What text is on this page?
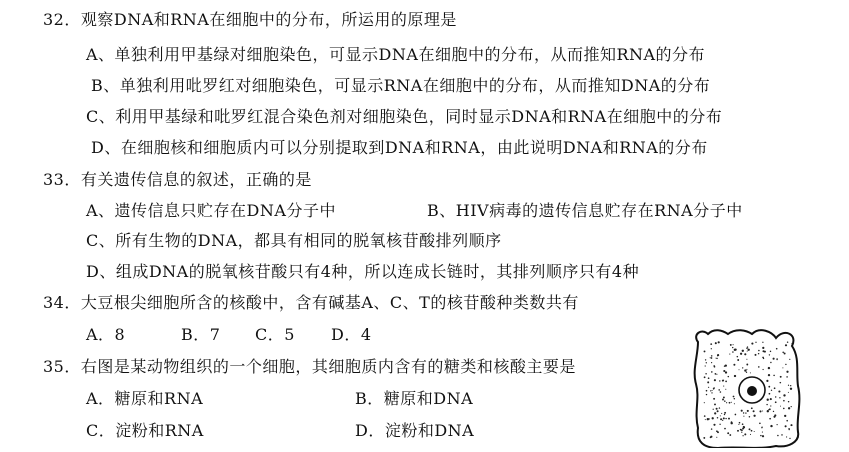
32．观察DNA和RNA在细胞中的分布，所运用的原理是
A、单独利用甲基绿对细胞染色，可显示DNA在细胞中的分布，从而推知RNA的分布
B、单独利用吡罗红对细胞染色，可显示RNA在细胞中的分布，从而推知DNA的分布
C、利用甲基绿和吡罗红混合染色剂对细胞染色，同时显示DNA和RNA在细胞中的分布
D、在细胞核和细胞质内可以分别提取到DNA和RNA，由此说明DNA和RNA的分布
33．有关遗传信息的叙述，正确的是
A、遗传信息只贮存在DNA分子中	B、HIV病毒的遗传信息贮存在RNA分子中
C、所有生物的DNA，都具有相同的脱氧核苷酸排列顺序
D、组成DNA的脱氧核苷酸只有4种，所以连成长链时，其排列顺序只有4种
34．大豆根尖细胞所含的核酸中，含有碱基A、C、T的核苷酸种类数共有
A．8	B．7 C．5 D．4
35．右图是某动物组织的一个细胞，其细胞质内含有的糖类和核酸主要是
A．糖原和RNA	B．糖原和DNA
C．淀粉和RNA	D．淀粉和DNA
